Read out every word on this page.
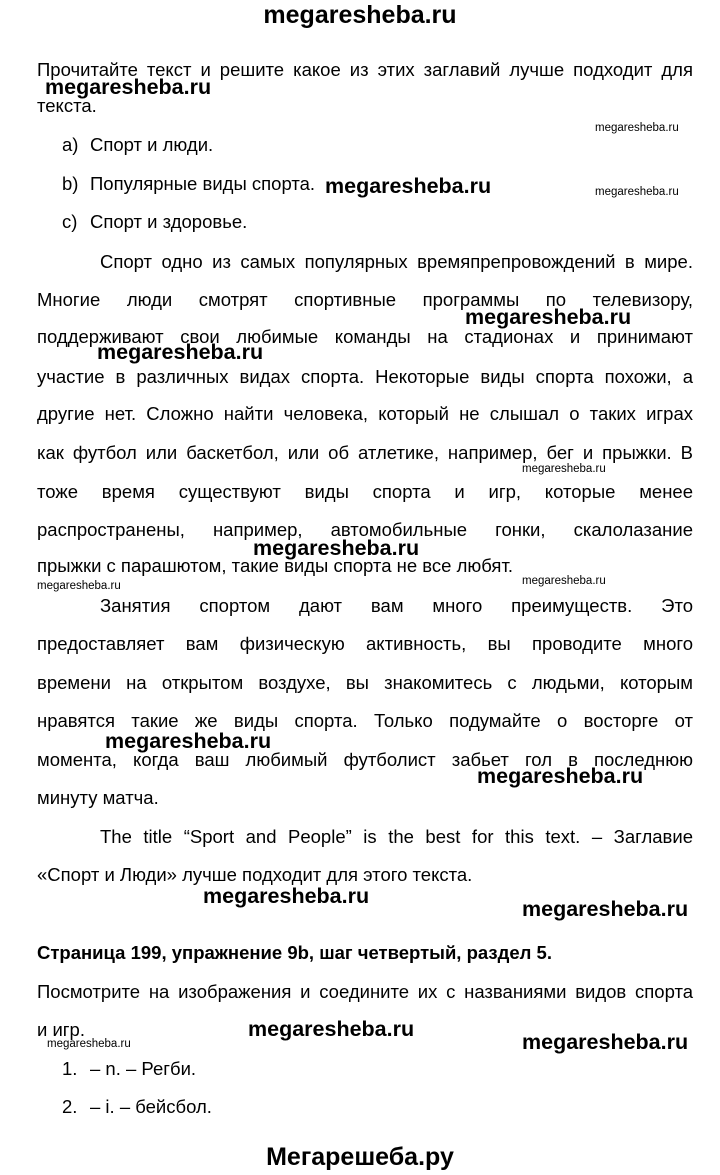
megaresheba.ru
Прочитайте текст и решите какое из этих заглавий лучше подходит для
текста.
a) Спорт и люди.
b) Популярные виды спорта.
c) Спорт и здоровье.
Спорт одно из самых популярных времяпрепровождений в мире.
Многие люди смотрят спортивные программы по телевизору,
поддерживают свои любимые команды на стадионах и принимают
участие в различных видах спорта. Некоторые виды спорта похожи, а
другие нет. Сложно найти человека, который не слышал о таких играх
как футбол или баскетбол, или об атлетике, например, бег и прыжки. В
тоже время существуют виды спорта и игр, которые менее
распространены, например, автомобильные гонки, скалолазание
прыжки с парашютом, такие виды спорта не все любят.
Занятия спортом дают вам много преимуществ. Это
предоставляет вам физическую активность, вы проводите много
времени на открытом воздухе, вы знакомитесь с людьми, которым
нравятся такие же виды спорта. Только подумайте о восторге от
момента, когда ваш любимый футболист забьет гол в последнюю
минуту матча.
The title “Sport and People” is the best for this text. – Заглавие
«Спорт и Люди» лучше подходит для этого текста.
Страница 199, упражнение 9b, шаг четвертый, раздел 5.
Посмотрите на изображения и соедините их с названиями видов спорта
и игр.
1. – n. – Регби.
2. – i. – бейсбол.
megaresheba.ru
megaresheba.ru
megaresheba.ru
megaresheba.ru
megaresheba.ru
megaresheba.ru
megaresheba.ru
megaresheba.ru
megaresheba.ru
megaresheba.ru
megaresheba.ru
megaresheba.ru
megaresheba.ru
megaresheba.ru
megaresheba.ru	megaresheba.ru
megaresheba.ru
Мегарешеба.ру
